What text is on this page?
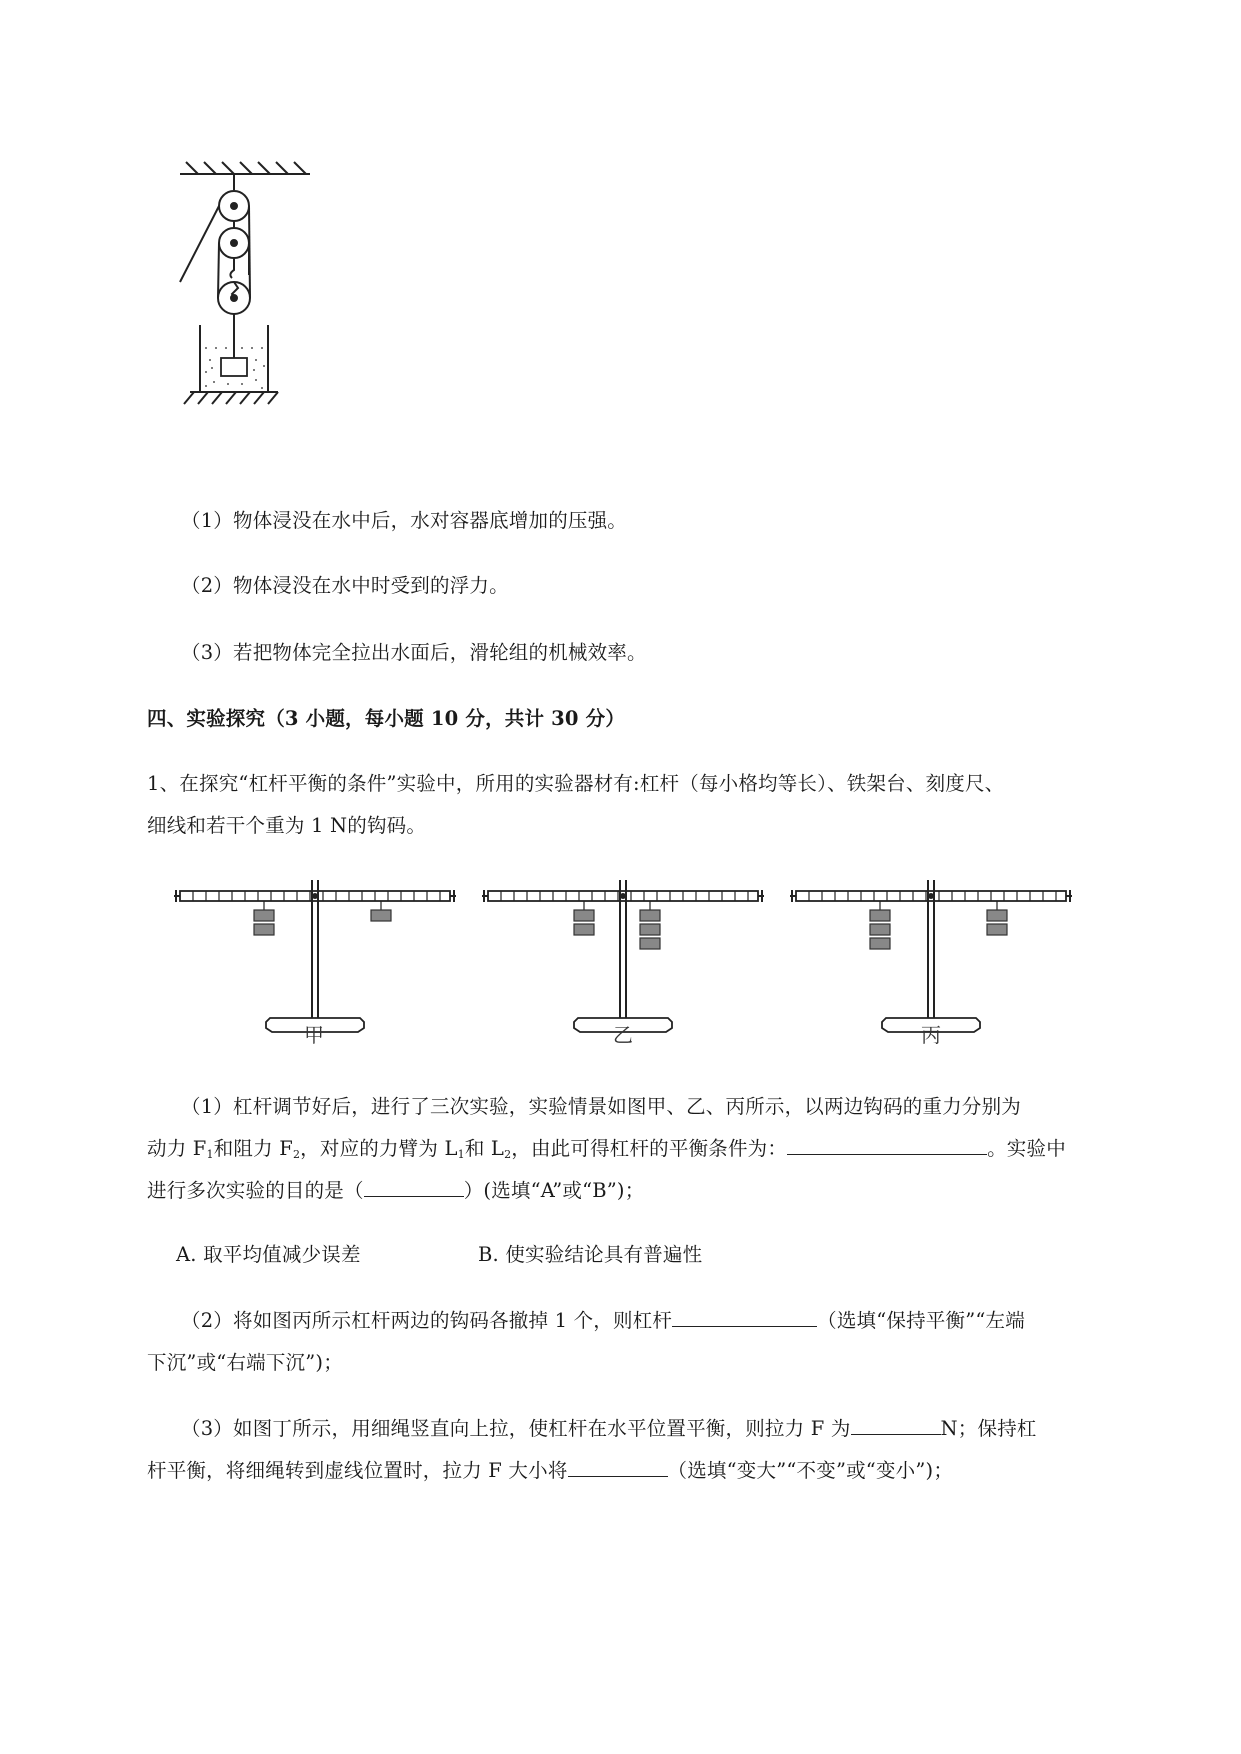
（1）物体浸没在水中后，水对容器底增加的压强。
（2）物体浸没在水中时受到的浮力。
（3）若把物体完全拉出水面后，滑轮组的机械效率。
四、实验探究（3 小题，每小题 10 分，共计 30 分）
1、在探究“杠杆平衡的条件”实验中，所用的实验器材有:杠杆（每小格均等长）、铁架台、刻度尺、
细线和若干个重为 1 N的钩码。
甲	乙	丙
（1）杠杆调节好后，进行了三次实验，实验情景如图甲、乙、丙所示，以两边钩码的重力分别为
动力 $F_1$和阻力 $F_2$，对应的力臂为 $L_1$和 $L_2$，由此可得杠杆的平衡条件为：	。实验中
进行多次实验的目的是（	）(选填“A”或“B”)；
A. 取平均值减少误差	B. 使实验结论具有普遍性
（2）将如图丙所示杠杆两边的钩码各撤掉 1 个，则杠杆	（选填“保持平衡”“左端
下沉”或“右端下沉”)；
（3）如图丁所示，用细绳竖直向上拉，使杠杆在水平位置平衡，则拉力 F 为	N；保持杠
杆平衡，将细绳转到虚线位置时，拉力 F 大小将	（选填“变大”“不变”或“变小”)；
